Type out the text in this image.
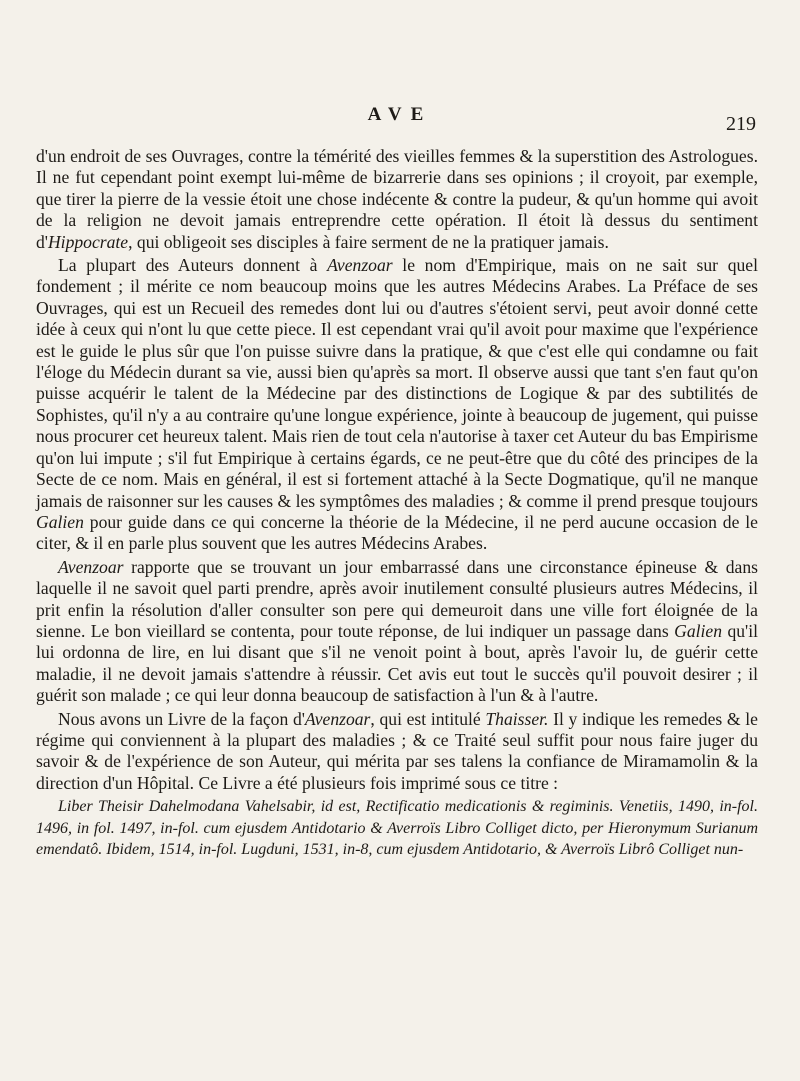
AVE	219

d'un endroit de ses Ouvrages, contre la témérité des vieilles femmes & la superstition des Astrologues. Il ne fut cependant point exempt lui-même de bizarrerie dans ses opinions ; il croyoit, par exemple, que tirer la pierre de la vessie étoit une chose indécente & contre la pudeur, & qu'un homme qui avoit de la religion ne devoit jamais entreprendre cette opération. Il étoit là dessus du sentiment d'Hippocrate, qui obligeoit ses disciples à faire serment de ne la pratiquer jamais.

La plupart des Auteurs donnent à Avenzoar le nom d'Empirique, mais on ne sait sur quel fondement ; il mérite ce nom beaucoup moins que les autres Médecins Arabes. La Préface de ses Ouvrages, qui est un Recueil des remedes dont lui ou d'autres s'étoient servi, peut avoir donné cette idée à ceux qui n'ont lu que cette piece. Il est cependant vrai qu'il avoit pour maxime que l'expérience est le guide le plus sûr que l'on puisse suivre dans la pratique, & que c'est elle qui condamne ou fait l'éloge du Médecin durant sa vie, aussi bien qu'après sa mort. Il observe aussi que tant s'en faut qu'on puisse acquérir le talent de la Médecine par des distinctions de Logique & par des subtilités de Sophistes, qu'il n'y a au contraire qu'une longue expérience, jointe à beaucoup de jugement, qui puisse nous procurer cet heureux talent. Mais rien de tout cela n'autorise à taxer cet Auteur du bas Empirisme qu'on lui impute ; s'il fut Empirique à certains égards, ce ne peut-être que du côté des principes de la Secte de ce nom. Mais en général, il est si fortement attaché à la Secte Dogmatique, qu'il ne manque jamais de raisonner sur les causes & les symptômes des maladies ; & comme il prend presque toujours Galien pour guide dans ce qui concerne la théorie de la Médecine, il ne perd aucune occasion de le citer, & il en parle plus souvent que les autres Médecins Arabes.

Avenzoar rapporte que se trouvant un jour embarrassé dans une circonstance épineuse & dans laquelle il ne savoit quel parti prendre, après avoir inutilement consulté plusieurs autres Médecins, il prit enfin la résolution d'aller consulter son pere qui demeuroit dans une ville fort éloignée de la sienne. Le bon vieillard se contenta, pour toute réponse, de lui indiquer un passage dans Galien qu'il lui ordonna de lire, en lui disant que s'il ne venoit point à bout, après l'avoir lu, de guérir cette maladie, il ne devoit jamais s'attendre à réussir. Cet avis eut tout le succès qu'il pouvoit desirer ; il guérit son malade ; ce qui leur donna beaucoup de satisfaction à l'un & à l'autre.

Nous avons un Livre de la façon d'Avenzoar, qui est intitulé Thaisser. Il y indique les remedes & le régime qui conviennent à la plupart des maladies ; & ce Traité seul suffit pour nous faire juger du savoir & de l'expérience de son Auteur, qui mérita par ses talens la confiance de Miramamolin & la direction d'un Hôpital. Ce Livre a été plusieurs fois imprimé sous ce titre :

Liber Theisir Dahelmodana Vahelsabir, id est, Rectificatio medicationis & regiminis. Venetiis, 1490, in-fol. 1496, in fol. 1497, in-fol. cum ejusdem Antidotario & Averroïs Libro Colliget dicto, per Hieronymum Surianum emendatô. Ibidem, 1514, in-fol. Lugduni, 1531, in-8, cum ejusdem Antidotario, & Averroïs Librô Colliget nun-
